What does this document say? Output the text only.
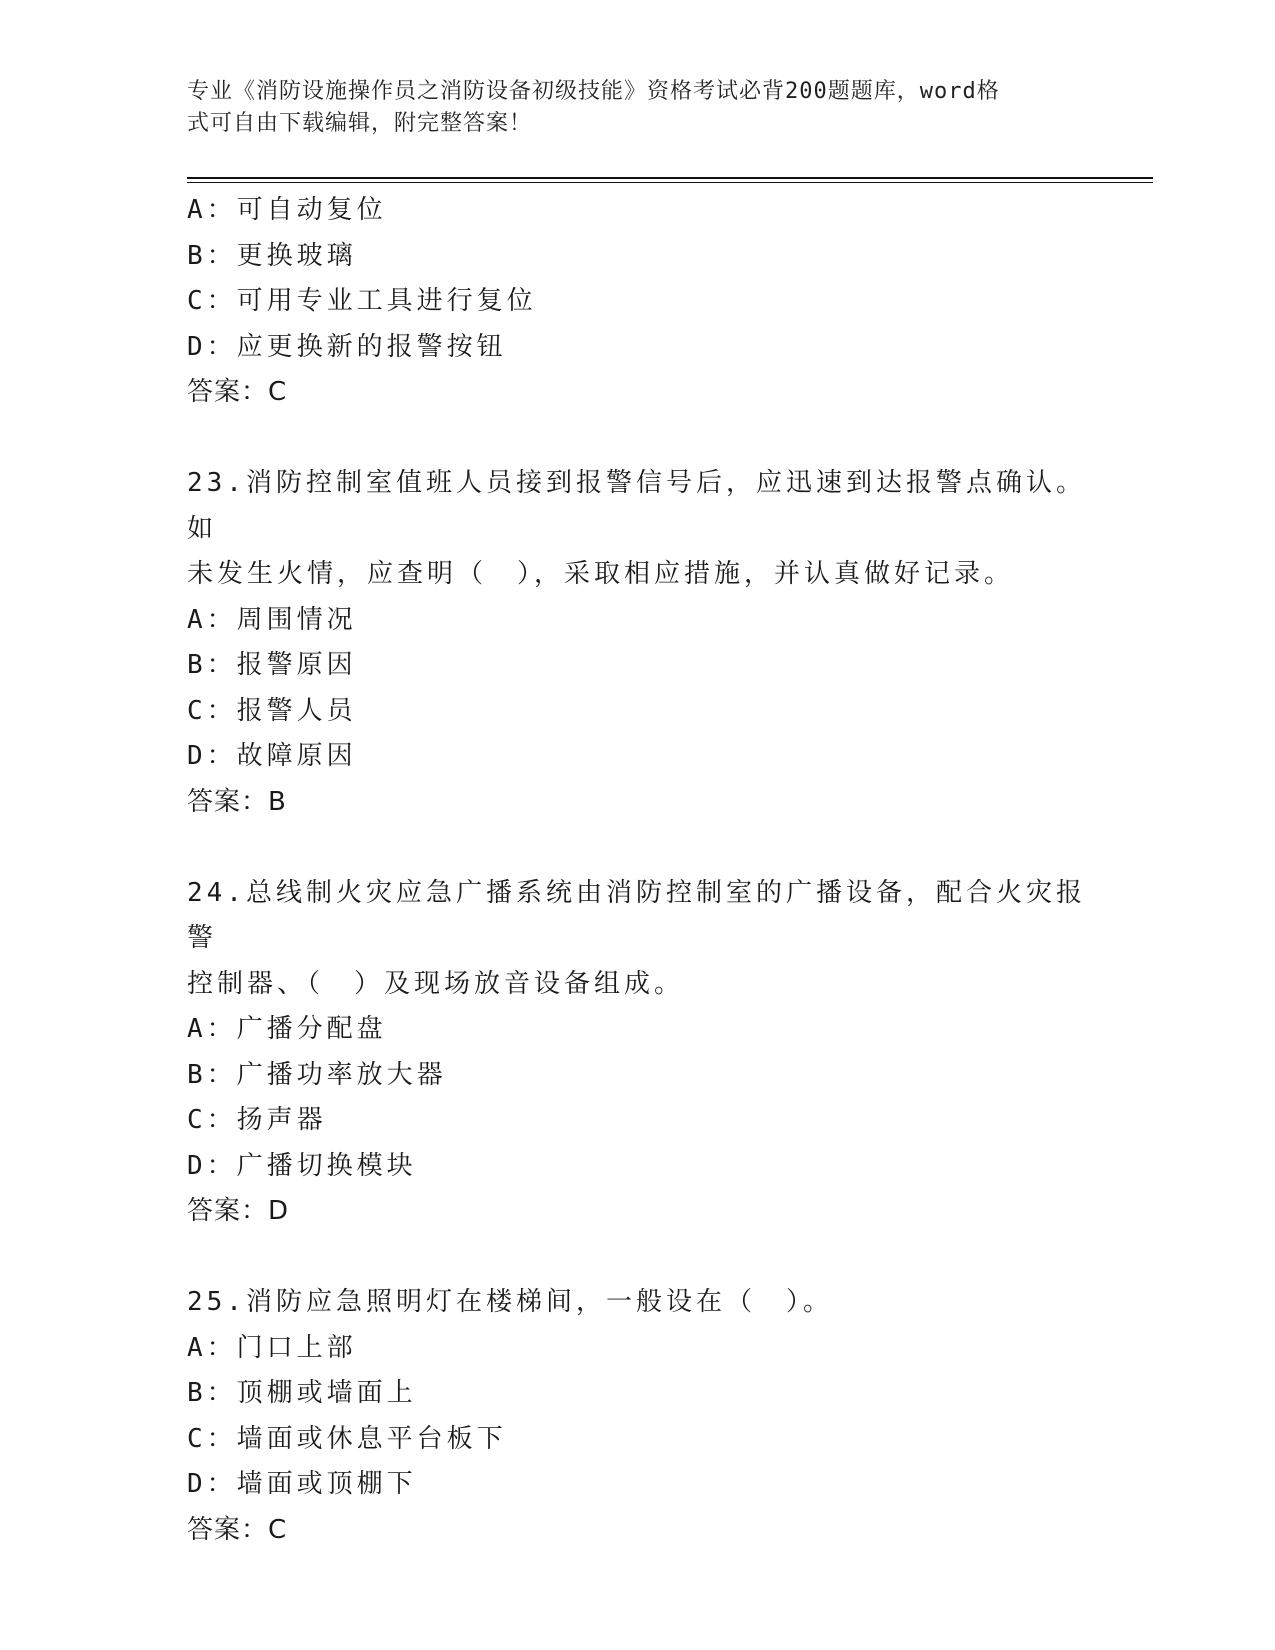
专业《消防设施操作员之消防设备初级技能》资格考试必背200题题库，word格
式可自由下载编辑，附完整答案！

A：可自动复位

B：更换玻璃

C：可用专业工具进行复位

D：应更换新的报警按钮

答案：C

23.消防控制室值班人员接到报警信号后，应迅速到达报警点确认。如

未发生火情，应查明（　），采取相应措施，并认真做好记录。

A：周围情况

B：报警原因

C：报警人员

D：故障原因

答案：B

24.总线制火灾应急广播系统由消防控制室的广播设备，配合火灾报警

控制器、（　）及现场放音设备组成。

A：广播分配盘

B：广播功率放大器

C：扬声器

D：广播切换模块

答案：D

25.消防应急照明灯在楼梯间，一般设在（　）。

A：门口上部

B：顶棚或墙面上

C：墙面或休息平台板下

D：墙面或顶棚下

答案：C
